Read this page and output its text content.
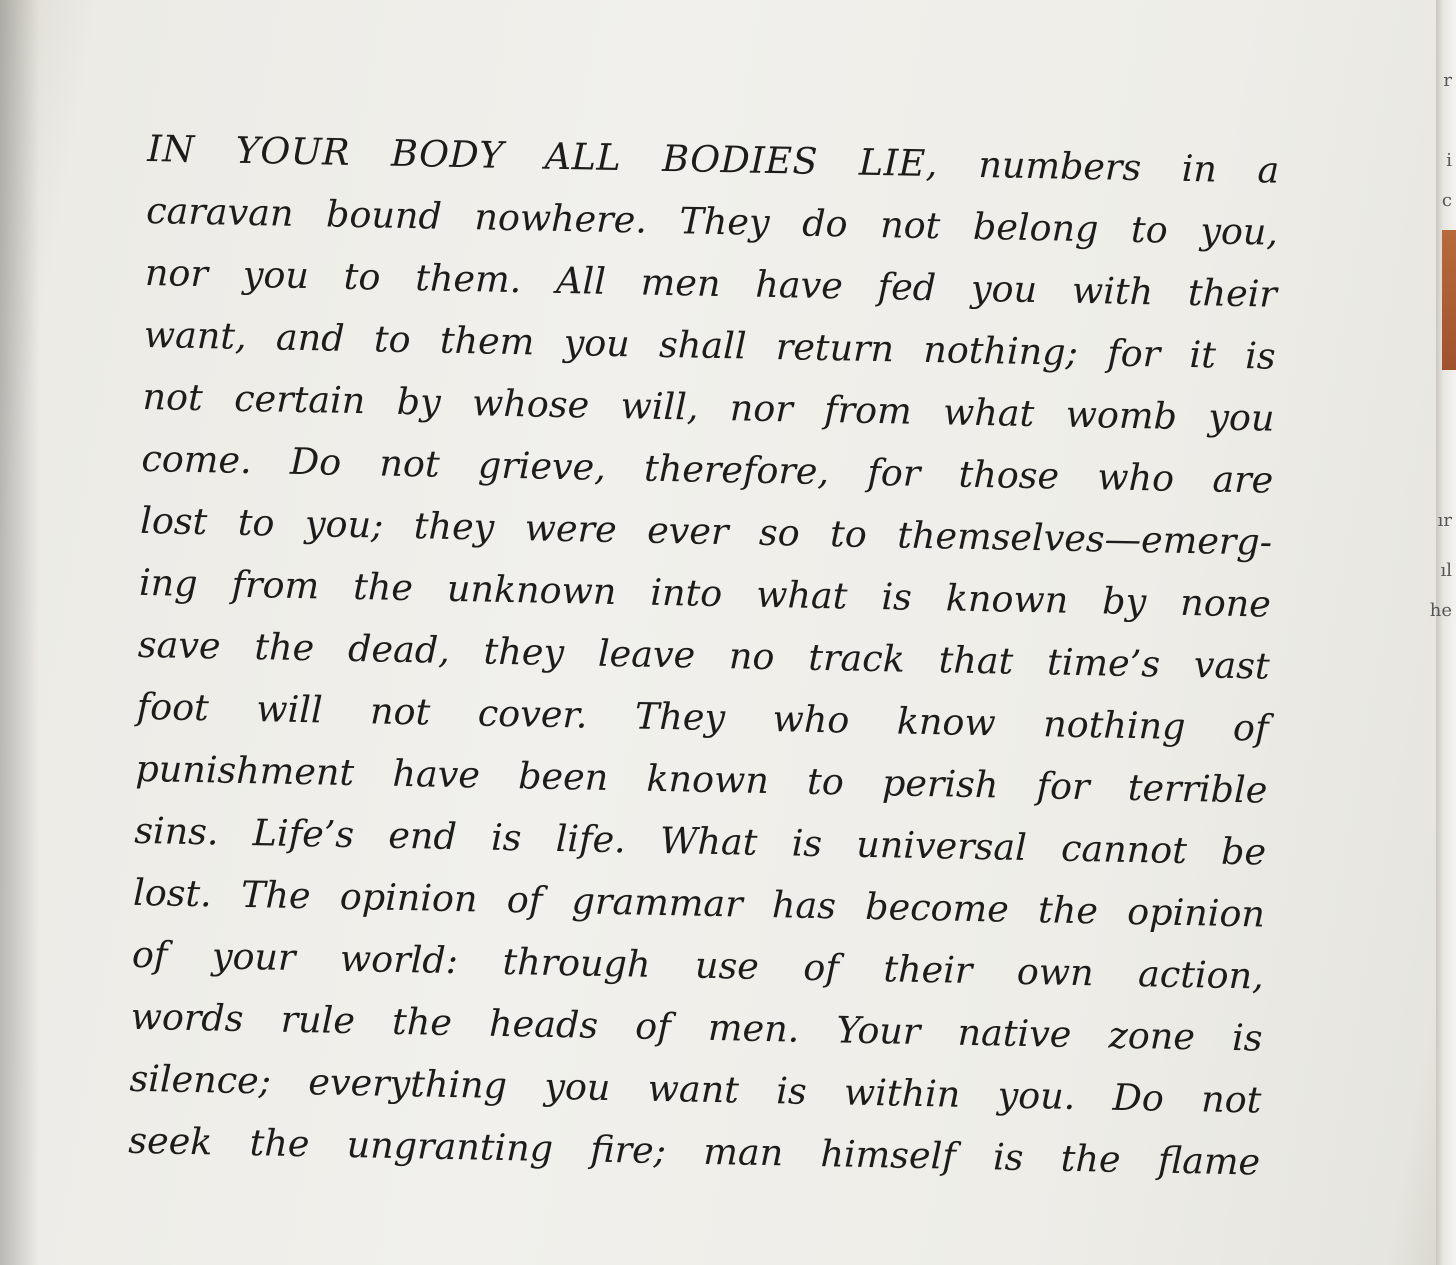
IN YOUR BODY ALL BODIES LIE, numbers in a
caravan bound nowhere. They do not belong to you,
nor you to them. All men have fed you with their
want, and to them you shall return nothing; for it is
not certain by whose will, nor from what womb you
come. Do not grieve, therefore, for those who are
lost to you; they were ever so to themselves—emerg-
ing from the unknown into what is known by none
save the dead, they leave no track that time’s vast
foot will not cover. They who know nothing of
punishment have been known to perish for terrible
sins. Life’s end is life. What is universal cannot be
lost. The opinion of grammar has become the opinion
of your world: through use of their own action,
words rule the heads of men. Your native zone is
silence; everything you want is within you. Do not
seek the ungranting fire; man himself is the flame
r
i
c
ır
ıl
he
